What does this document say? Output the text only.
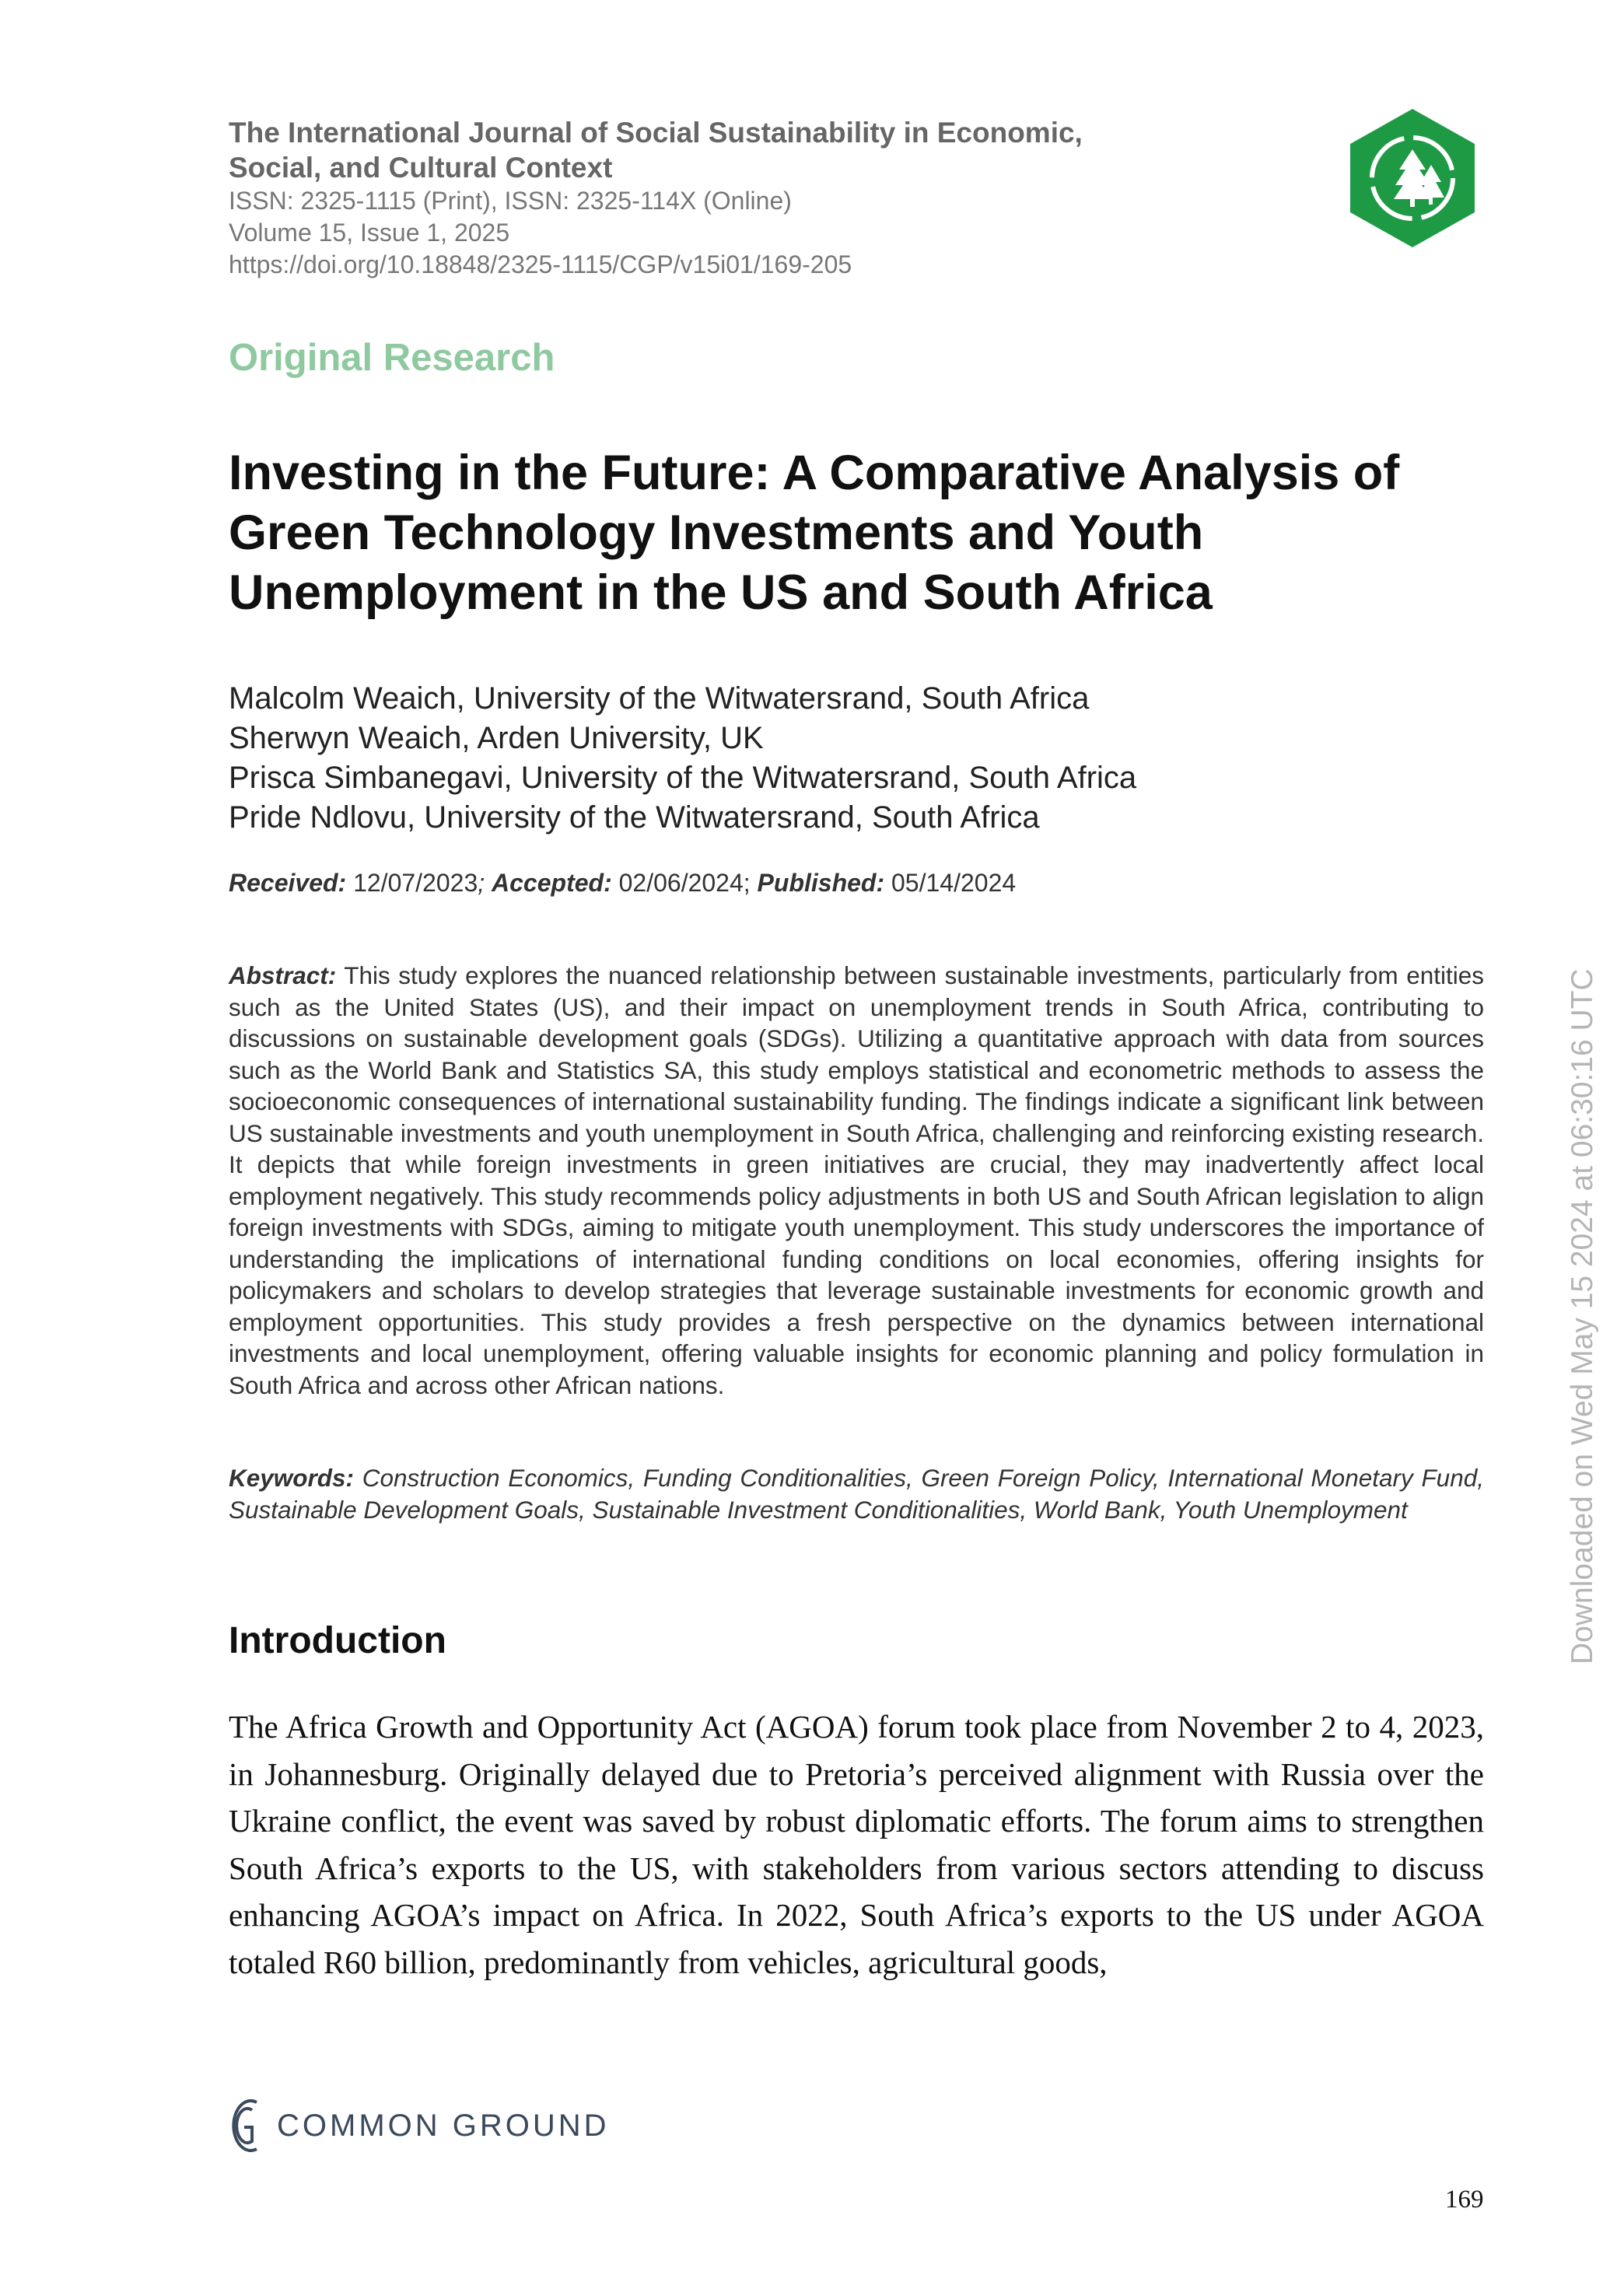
The International Journal of Social Sustainability in Economic,
Social, and Cultural Context
ISSN: 2325-1115 (Print), ISSN: 2325-114X (Online)
Volume 15, Issue 1, 2025
https://doi.org/10.18848/2325-1115/CGP/v15i01/169-205
Original Research
Investing in the Future: A Comparative Analysis of Green Technology Investments and Youth Unemployment in the US and South Africa
Malcolm Weaich, University of the Witwatersrand, South Africa
Sherwyn Weaich, Arden University, UK
Prisca Simbanegavi, University of the Witwatersrand, South Africa
Pride Ndlovu, University of the Witwatersrand, South Africa
Received: 12/07/2023; Accepted: 02/06/2024; Published: 05/14/2024

Abstract: This study explores the nuanced relationship between sustainable investments, particularly from entities such as the United States (US), and their impact on unemployment trends in South Africa, contributing to discussions on sustainable development goals (SDGs). Utilizing a quantitative approach with data from sources such as the World Bank and Statistics SA, this study employs statistical and econometric methods to assess the socioeconomic consequences of international sustainability funding. The findings indicate a significant link between US sustainable investments and youth unemployment in South Africa, challenging and reinforcing existing research. It depicts that while foreign investments in green initiatives are crucial, they may inadvertently affect local employment negatively. This study recommends policy adjustments in both US and South African legislation to align foreign investments with SDGs, aiming to mitigate youth unemployment. This study underscores the importance of understanding the implications of international funding conditions on local economies, offering insights for policymakers and scholars to develop strategies that leverage sustainable investments for economic growth and employment opportunities. This study provides a fresh perspective on the dynamics between international investments and local unemployment, offering valuable insights for economic planning and policy formulation in South Africa and across other African nations.

Keywords: Construction Economics, Funding Conditionalities, Green Foreign Policy, International Monetary Fund, Sustainable Development Goals, Sustainable Investment Conditionalities, World Bank, Youth Unemployment

Introduction

The Africa Growth and Opportunity Act (AGOA) forum took place from November 2 to 4, 2023, in Johannesburg. Originally delayed due to Pretoria’s perceived alignment with Russia over the Ukraine conflict, the event was saved by robust diplomatic efforts. The forum aims to strengthen South Africa’s exports to the US, with stakeholders from various sectors attending to discuss enhancing AGOA’s impact on Africa. In 2022, South Africa’s exports to the US under AGOA totaled R60 billion, predominantly from vehicles, agricultural goods,

Downloaded on Wed May 15 2024 at 06:30:16 UTC
COMMON GROUND
169
